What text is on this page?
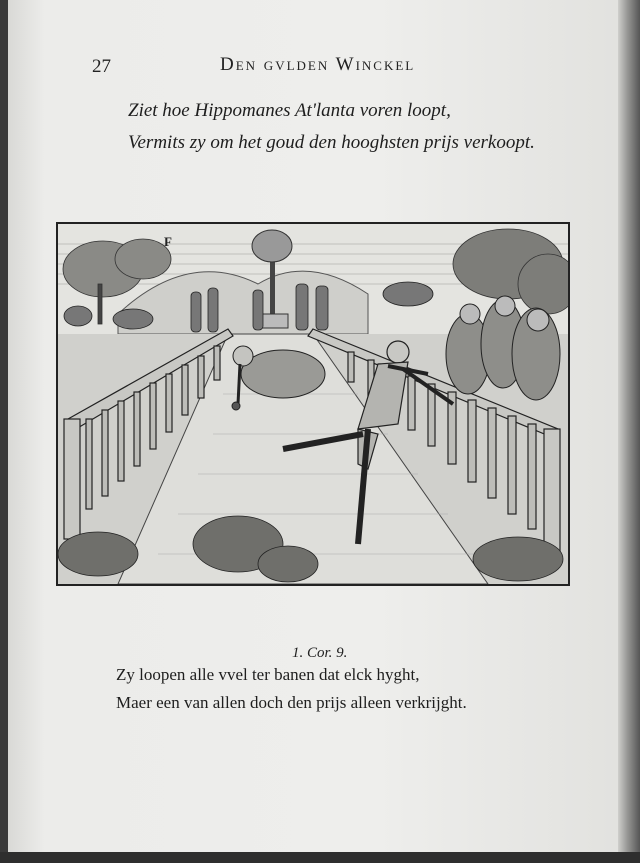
27	Den gvlden Winckel
Ziet hoe Hippomanes At'lanta voren loopt,
Vermits zy om het goud den hooghsten prijs verkoopt.
F
1. Cor. 9.
Zy loopen alle vvel ter banen dat elck hyght,
Maer een van allen doch den prijs alleen verkrijght.
